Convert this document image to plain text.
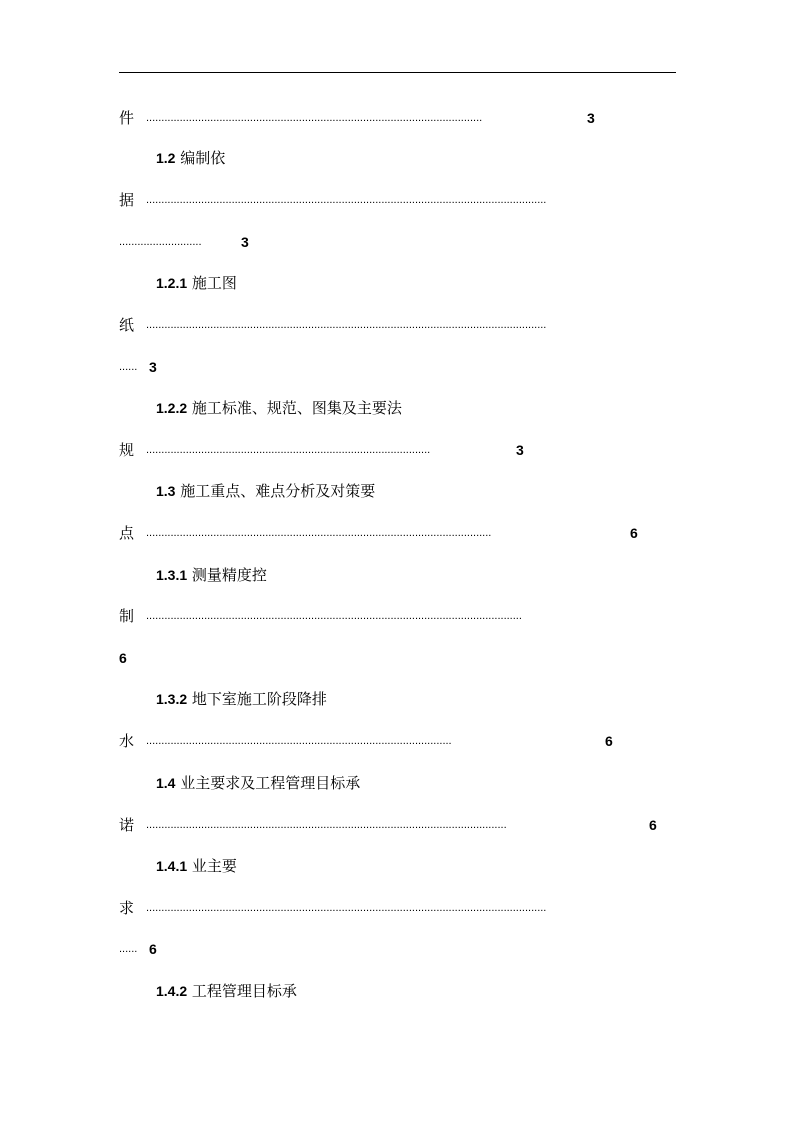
件 ..............................................................................................................	3
1.2 编制依
据 ...................................................................................................................................
...........................	3
1.2.1 施工图
纸 ...................................................................................................................................
...... 3
1.2.2 施工标准、规范、图集及主要法
规 .............................................................................................	3
1.3 施工重点、难点分析及对策要
点 .................................................................................................................	6
1.3.1 测量精度控
制 ...........................................................................................................................
6
1.3.2 地下室施工阶段降排
水 ....................................................................................................	6
1.4 业主要求及工程管理目标承
诺 ......................................................................................................................	6
1.4.1 业主要
求 ...................................................................................................................................
...... 6
1.4.2 工程管理目标承
